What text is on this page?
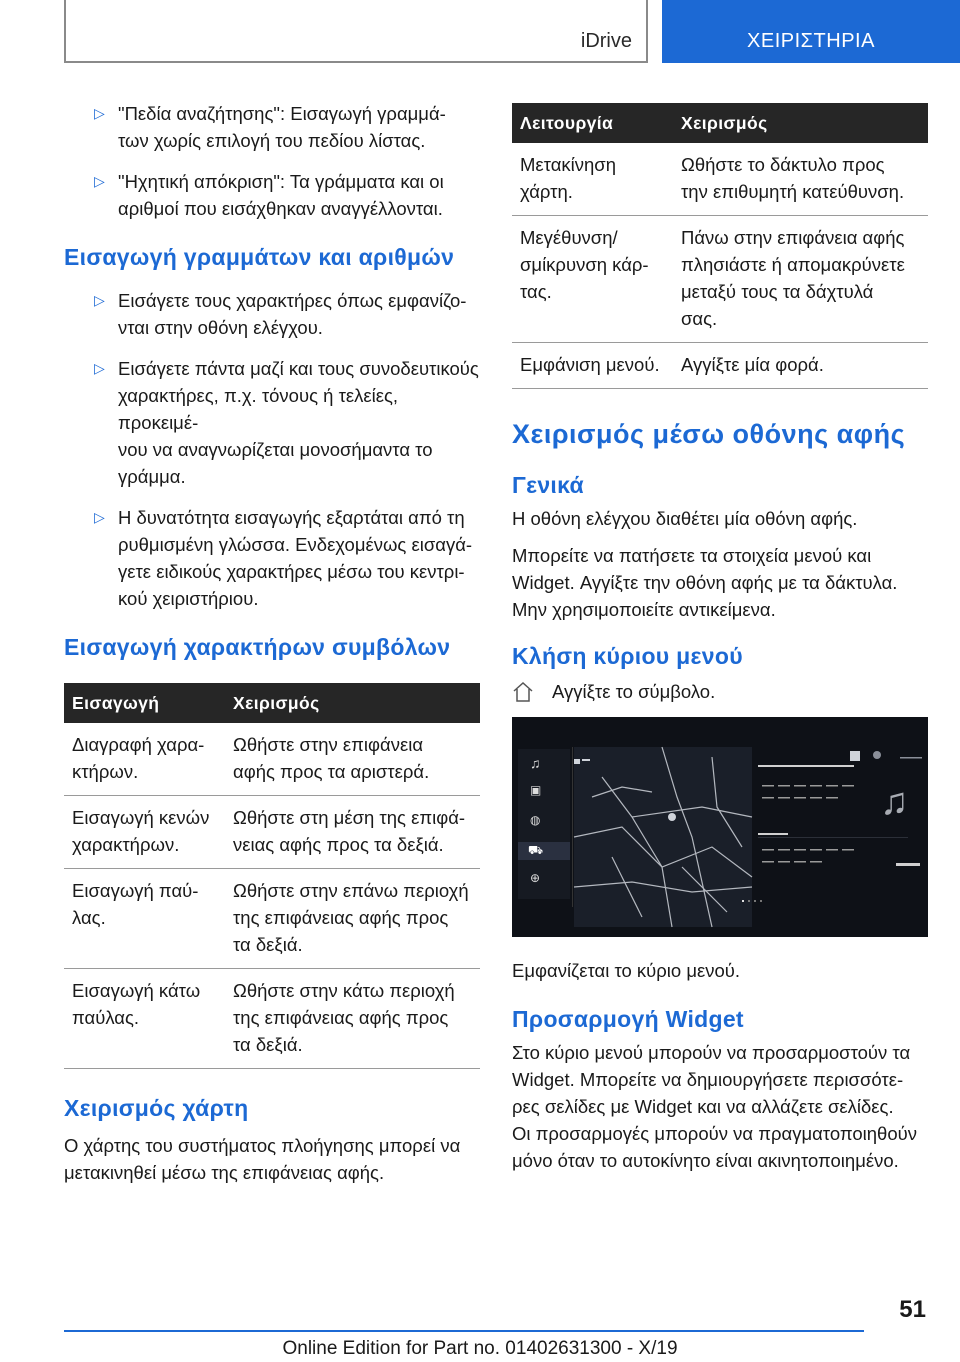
iDrive	ΧΕΙΡΙΣΤΗΡΙΑ
▷ "Πεδία αναζήτησης": Εισαγωγή γραμμά-
των χωρίς επιλογή του πεδίου λίστας.
▷ "Ηχητική απόκριση": Τα γράμματα και οι
αριθμοί που εισάχθηκαν αναγγέλλονται.
Εισαγωγή γραμμάτων και αριθμών
▷ Εισάγετε τους χαρακτήρες όπως εμφανίζο-
νται στην οθόνη ελέγχου.
▷ Εισάγετε πάντα μαζί και τους συνοδευτικούς
χαρακτήρες, π.χ. τόνους ή τελείες, προκειμέ-
νου να αναγνωρίζεται μονοσήμαντα το
γράμμα.
▷ Η δυνατότητα εισαγωγής εξαρτάται από τη
ρυθμισμένη γλώσσα. Ενδεχομένως εισαγά-
γετε ειδικούς χαρακτήρες μέσω του κεντρι-
κού χειριστήριου.
Εισαγωγή χαρακτήρων συμβόλων
Εισαγωγή	Χειρισμός
Διαγραφή χαρα-
κτήρων.	Ωθήστε στην επιφάνεια
αφής προς τα αριστερά.
Εισαγωγή κενών
χαρακτήρων.	Ωθήστε στη μέση της επιφά-
νειας αφής προς τα δεξιά.
Εισαγωγή παύ-
λας.	Ωθήστε στην επάνω περιοχή
της επιφάνειας αφής προς
τα δεξιά.
Εισαγωγή κάτω
παύλας.	Ωθήστε στην κάτω περιοχή
της επιφάνειας αφής προς
τα δεξιά.
Χειρισμός χάρτη
Ο χάρτης του συστήματος πλοήγησης μπορεί να
μετακινηθεί μέσω της επιφάνειας αφής.
Λειτουργία	Χειρισμός
Μετακίνηση
χάρτη.	Ωθήστε το δάκτυλο προς
την επιθυμητή κατεύθυνση.
Μεγέθυνση/
σμίκρυνση κάρ-
τας.	Πάνω στην επιφάνεια αφής
πλησιάστε ή απομακρύνετε
μεταξύ τους τα δάχτυλά
σας.
Εμφάνιση μενού.	Αγγίξτε μία φορά.
Χειρισμός μέσω οθόνης αφής
Γενικά
Η οθόνη ελέγχου διαθέτει μία οθόνη αφής.
Μπορείτε να πατήσετε τα στοιχεία μενού και
Widget. Αγγίξτε την οθόνη αφής με τα δάκτυλα.
Μην χρησιμοποιείτε αντικείμενα.
Κλήση κύριου μενού
Αγγίξτε το σύμβολο.
♫
▣
◍
⛟
⊕
♫
Εμφανίζεται το κύριο μενού.
Προσαρμογή Widget
Στο κύριο μενού μπορούν να προσαρμοστούν τα
Widget. Μπορείτε να δημιουργήσετε περισσότε-
ρες σελίδες με Widget και να αλλάζετε σελίδες.
Οι προσαρμογές μπορούν να πραγματοποιηθούν
μόνο όταν το αυτοκίνητο είναι ακινητοποιημένο.
51
Online Edition for Part no. 01402631300 - X/19
